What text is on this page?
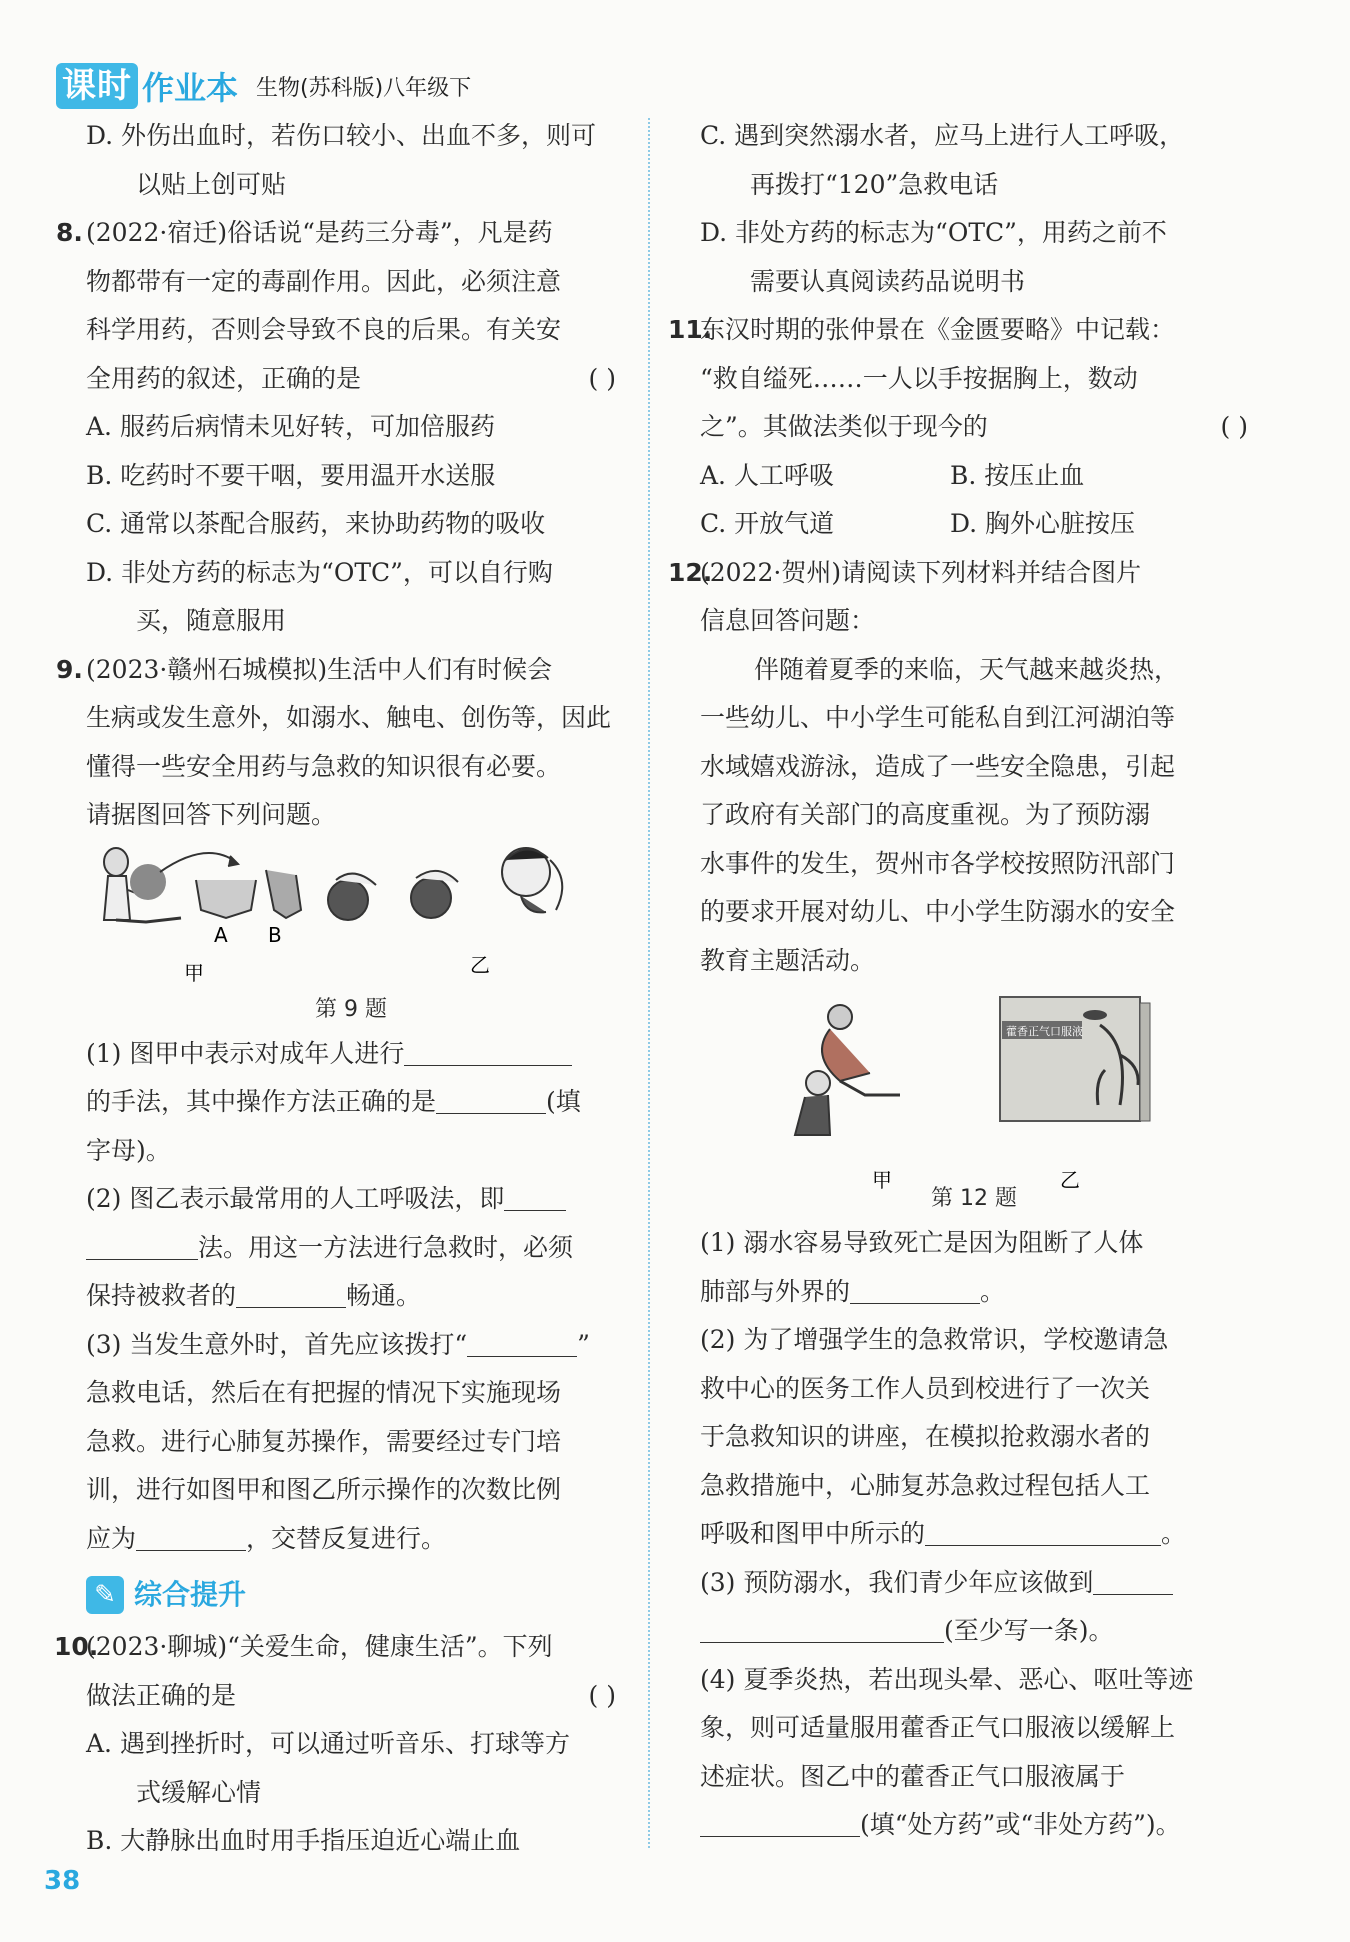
课时 作业本 生物(苏科版)八年级下
D. 外伤出血时，若伤口较小、出血不多，则可
以贴上创可贴
8. (2022·宿迁)俗话说“是药三分毒”，凡是药
物都带有一定的毒副作用。因此，必须注意
科学用药，否则会导致不良的后果。有关安
全用药的叙述，正确的是	( )
A. 服药后病情未见好转，可加倍服药
B. 吃药时不要干咽，要用温开水送服
C. 通常以茶配合服药，来协助药物的吸收
D. 非处方药的标志为“OTC”，可以自行购
买，随意服用
9. (2023·赣州石城模拟)生活中人们有时候会
生病或发生意外，如溺水、触电、创伤等，因此
懂得一些安全用药与急救的知识很有必要。
请据图回答下列问题。
A B
甲	乙
第 9 题
(1) 图甲中表示对成年人进行
的手法，其中操作方法正确的是	(填
字母)。
(2) 图乙表示最常用的人工呼吸法，即
法。用这一方法进行急救时，必须
保持被救者的	畅通。
(3) 当发生意外时，首先应该拨打“	”
急救电话，然后在有把握的情况下实施现场
急救。进行心肺复苏操作，需要经过专门培
训，进行如图甲和图乙所示操作的次数比例
应为	，交替反复进行。
✎ 综合提升
10.
(2023·聊城)“关爱生命，健康生活”。下列
做法正确的是	( )
A. 遇到挫折时，可以通过听音乐、打球等方
式缓解心情
B. 大静脉出血时用手指压迫近心端止血
C. 遇到突然溺水者，应马上进行人工呼吸，
再拨打“120”急救电话
D. 非处方药的标志为“OTC”，用药之前不
需要认真阅读药品说明书
11.
东汉时期的张仲景在《金匮要略》中记载：
“救自缢死……一人以手按据胸上，数动
之”。其做法类似于现今的	( )
A. 人工呼吸	B. 按压止血
C. 开放气道	D. 胸外心脏按压
12.
(2022·贺州)请阅读下列材料并结合图片
信息回答问题：
伴随着夏季的来临，天气越来越炎热，
一些幼儿、中小学生可能私自到江河湖泊等
水域嬉戏游泳，造成了一些安全隐患，引起
了政府有关部门的高度重视。为了预防溺
水事件的发生，贺州市各学校按照防汛部门
的要求开展对幼儿、中小学生防溺水的安全
教育主题活动。
甲
藿香正气口服液
乙
第 12 题
(1) 溺水容易导致死亡是因为阻断了人体
肺部与外界的	。
(2) 为了增强学生的急救常识，学校邀请急
救中心的医务工作人员到校进行了一次关
于急救知识的讲座，在模拟抢救溺水者的
急救措施中，心肺复苏急救过程包括人工
呼吸和图甲中所示的	。
(3) 预防溺水，我们青少年应该做到
(至少写一条)。
(4) 夏季炎热，若出现头晕、恶心、呕吐等迹
象，则可适量服用藿香正气口服液以缓解上
述症状。图乙中的藿香正气口服液属于
(填“处方药”或“非处方药”)。
38
